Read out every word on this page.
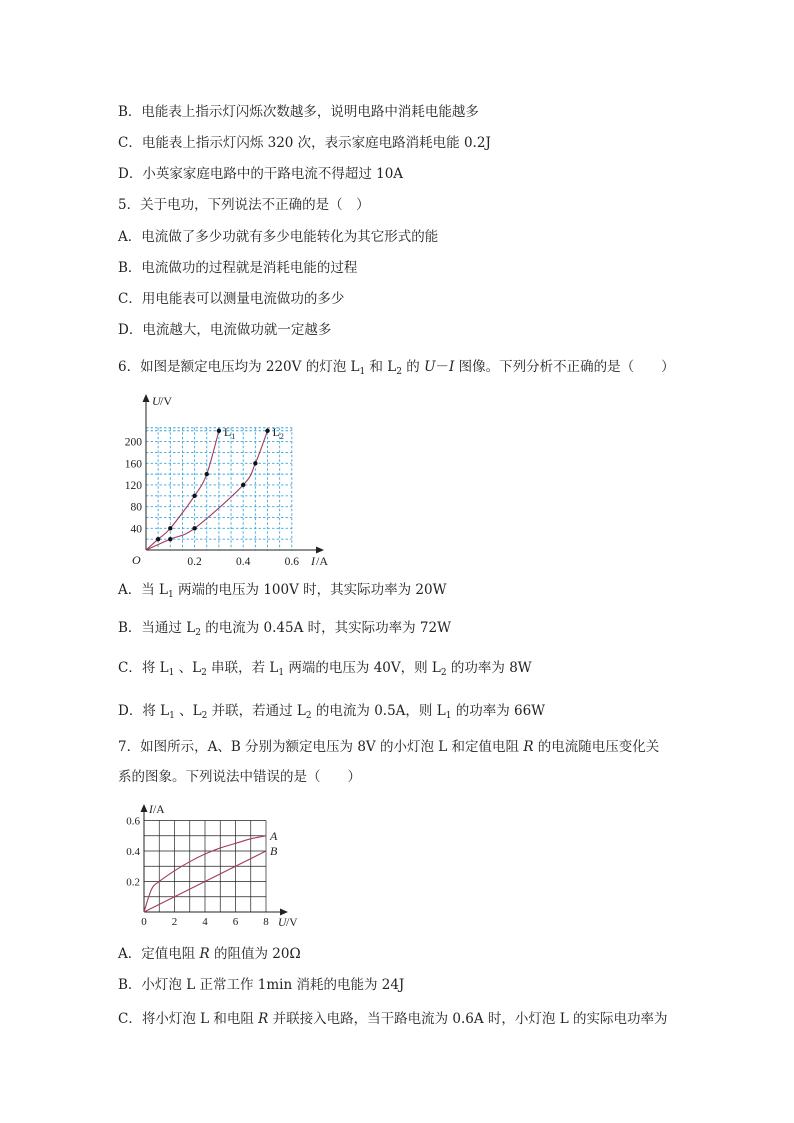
B．电能表上指示灯闪烁次数越多，说明电路中消耗电能越多
C．电能表上指示灯闪烁 320 次，表示家庭电路消耗电能 0.2J
D．小英家家庭电路中的干路电流不得超过 10A
5．关于电功，下列说法不正确的是（　）
A．电流做了多少功就有多少电能转化为其它形式的能
B．电流做功的过程就是消耗电能的过程
C．用电能表可以测量电流做功的多少
D．电流越大，电流做功就一定越多
6．如图是额定电压均为 220V 的灯泡 $L_1$ 和 $L_2$ 的 U－I 图像。下列分析不正确的是（　　）
U /V
I /A
O
40
80
120
160
200
0.2	0.4	0.6
$L_1$	$L_2$
A．当 $L_1$ 两端的电压为 100V 时，其实际功率为 20W
B．当通过 $L_2$ 的电流为 0.45A 时，其实际功率为 72W
C．将 $L_1$ 、$L_2$ 串联，若 $L_1$ 两端的电压为 40V，则 $L_2$ 的功率为 8W
D．将 $L_1$ 、$L_2$ 并联，若通过 $L_2$ 的电流为 0.5A，则 $L_1$ 的功率为 66W
7．如图所示，A、B 分别为额定电压为 8V 的小灯泡 L 和定值电阻 R 的电流随电压变化关
系的图象。下列说法中错误的是（　　）
I /A
U /V
0.2
0.4
0.6
0 2 4 6 8
A
B
A．定值电阻 R 的阻值为 20Ω
B．小灯泡 L 正常工作 1min 消耗的电能为 24J
C．将小灯泡 L 和电阻 R 并联接入电路，当干路电流为 0.6A 时，小灯泡 L 的实际电功率为
